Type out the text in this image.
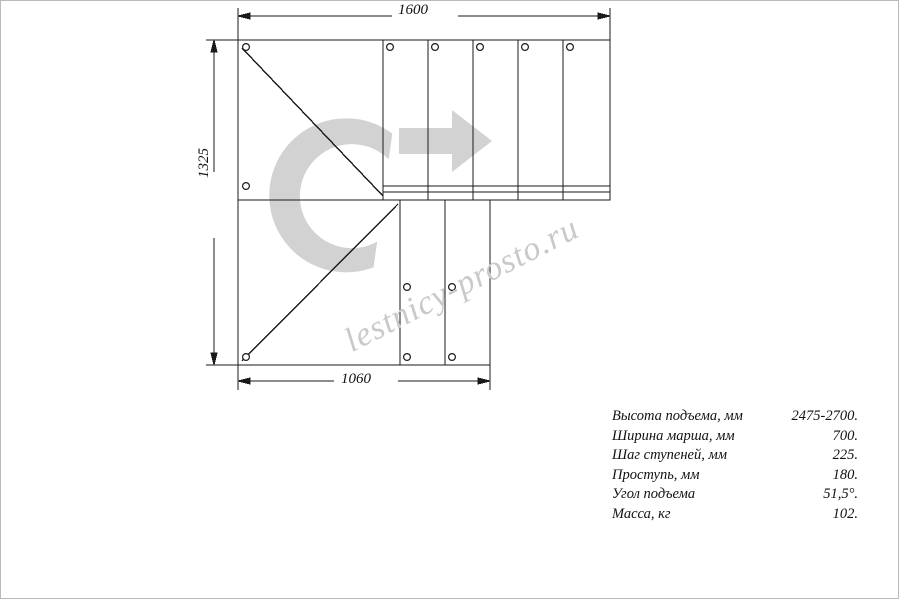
1600
1060
1325
lestnicy-prosto.ru
Высота подъема, мм	2475-2700.
Ширина марша, мм	700.
Шаг ступеней, мм	225.
Проступь, мм	180.
Угол подъема	51,5°.
Масса, кг	102.
